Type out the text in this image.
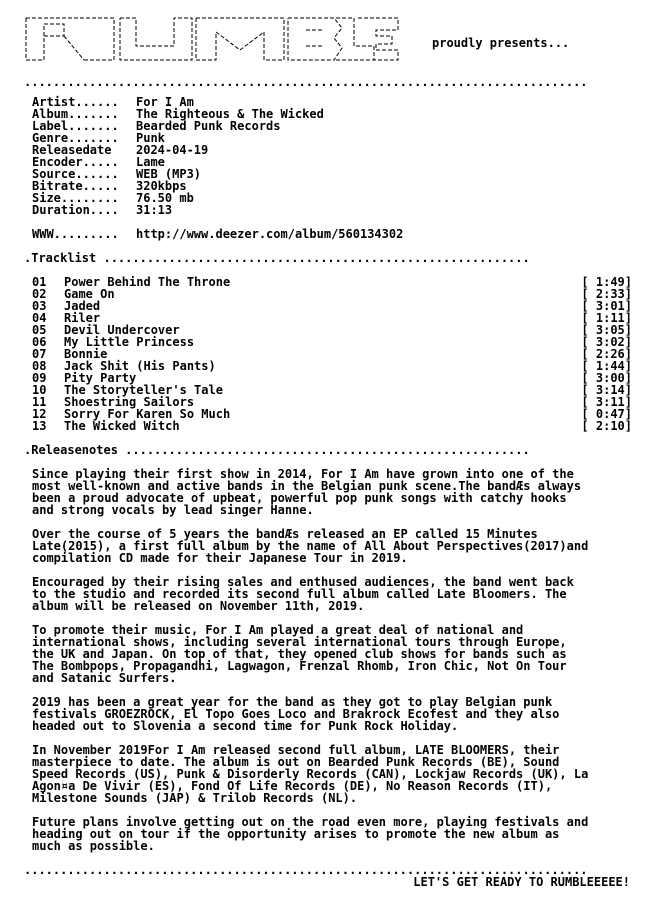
proudly presents...
..............................................................................
Artist...... For I Am
Album....... The Righteous & The Wicked
Label....... Bearded Punk Records
Genre....... Punk
Releasedate 2024-04-19
Encoder..... Lame
Source...... WEB (MP3)
Bitrate..... 320kbps
Size........ 76.50 mb
Duration.... 31:13
WWW......... http://www.deezer.com/album/560134302
.Tracklist ...........................................................
01 Power Behind The Throne	[ 1:49]
02 Game On	[ 2:33]
03 Jaded	[ 3:01]
04 Riler	[ 1:11]
05 Devil Undercover	[ 3:05]
06 My Little Princess	[ 3:02]
07 Bonnie	[ 2:26]
08 Jack Shit (His Pants)	[ 1:44]
09 Pity Party	[ 3:00]
10 The Storyteller's Tale	[ 3:14]
11 Shoestring Sailors	[ 3:11]
12 Sorry For Karen So Much	[ 0:47]
13 The Wicked Witch	[ 2:10]
.Releasenotes ........................................................
Since playing their first show in 2014, For I Am have grown into one of the
most well-known and active bands in the Belgian punk scene.The bandÆs always
been a proud advocate of upbeat, powerful pop punk songs with catchy hooks
and strong vocals by lead singer Hanne.
Over the course of 5 years the bandÆs released an EP called 15 Minutes
Late(2015), a first full album by the name of All About Perspectives(2017)and
compilation CD made for their Japanese Tour in 2019.
Encouraged by their rising sales and enthused audiences, the band went back
to the studio and recorded its second full album called Late Bloomers. The
album will be released on November 11th, 2019.
To promote their music, For I Am played a great deal of national and
international shows, including several international tours through Europe,
the UK and Japan. On top of that, they opened club shows for bands such as
The Bombpops, Propagandhi, Lagwagon, Frenzal Rhomb, Iron Chic, Not On Tour
and Satanic Surfers.
2019 has been a great year for the band as they got to play Belgian punk
festivals GROEZROCK, El Topo Goes Loco and Brakrock Ecofest and they also
headed out to Slovenia a second time for Punk Rock Holiday.
In November 2019For I Am released second full album, LATE BLOOMERS, their
masterpiece to date. The album is out on Bearded Punk Records (BE), Sound
Speed Records (US), Punk & Disorderly Records (CAN), Lockjaw Records (UK), La
Agon¤a De Vivir (ES), Fond Of Life Records (DE), No Reason Records (IT),
Milestone Sounds (JAP) & Trilob Records (NL).
Future plans involve getting out on the road even more, playing festivals and
heading out on tour if the opportunity arises to promote the new album as
much as possible.
..............................................................................
LET'S GET READY TO RUMBLEEEEE!
